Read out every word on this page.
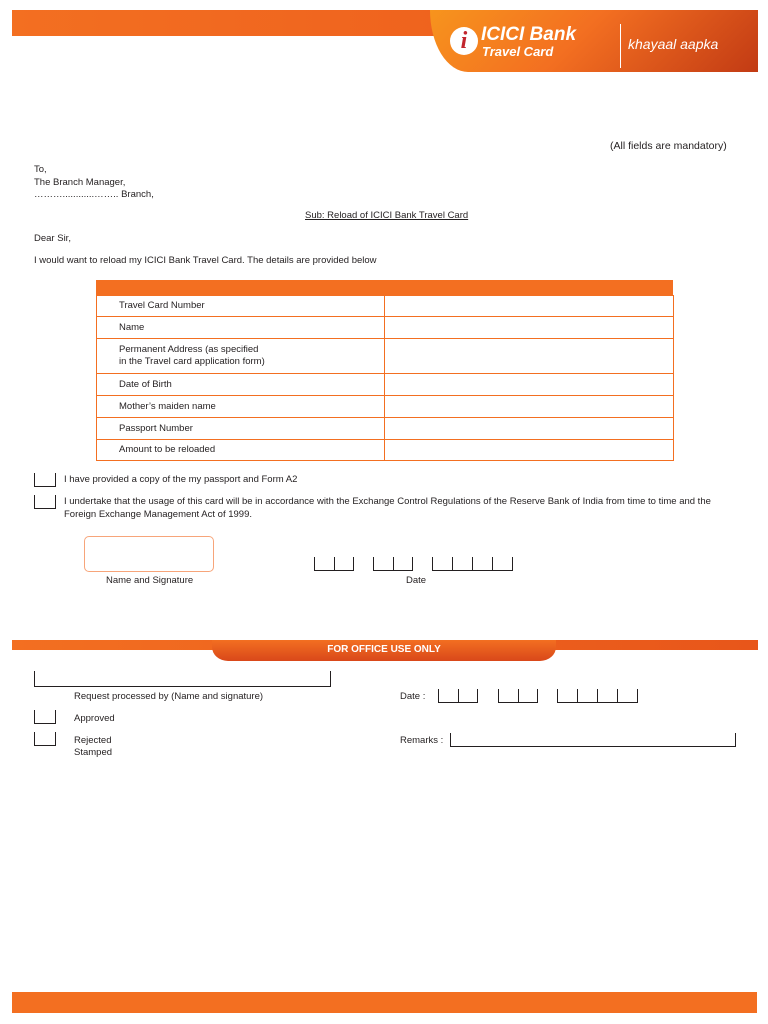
i ICICI Bank
Travel Card	khayaal aapka
(All fields are mandatory)
To,
The Branch Manager,
………............…….. Branch,
Sub: Reload of ICICI Bank Travel Card
Dear Sir,
I would want to reload my ICICI Bank Travel Card. The details are provided below
Travel Card Number	
Name	

Permanent Address (as specified
in the Travel card application form)	

Date of Birth	
Mother’s maiden name	
Passport Number	
Amount to be reloaded	
I have provided a copy of the my passport and Form A2
I undertake that the usage of this card will be in accordance with the Exchange Control Regulations of the Reserve Bank of India from time to time and the
Foreign Exchange Management Act of 1999.
Name and Signature	Date
FOR OFFICE USE ONLY
Request processed by (Name and signature)	Date :
Approved
Rejected
Stamped
Remarks :
